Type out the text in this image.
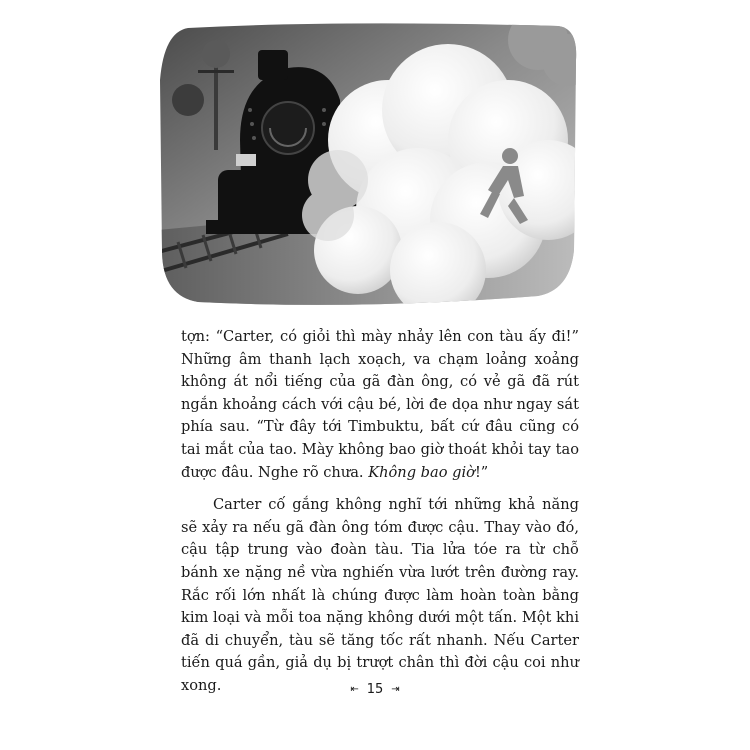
tợn: “Carter, có giỏi thì mày nhảy lên con tàu ấy đi!” Những âm thanh lạch xoạch, va chạm loảng xoảng không át nổi tiếng của gã đàn ông, có vẻ gã đã rút ngắn khoảng cách với cậu bé, lời đe dọa như ngay sát phía sau. “Từ đây tới Timbuktu, bất cứ đâu cũng có tai mắt của tao. Mày không bao giờ thoát khỏi tay tao được đâu. Nghe rõ chưa. Không bao giờ!”

Carter cố gắng không nghĩ tới những khả năng sẽ xảy ra nếu gã đàn ông tóm được cậu. Thay vào đó, cậu tập trung vào đoàn tàu. Tia lửa tóe ra từ chỗ bánh xe nặng nề vừa nghiến vừa lướt trên đường ray. Rắc rối lớn nhất là chúng được làm hoàn toàn bằng kim loại và mỗi toa nặng không dưới một tấn. Một khi đã di chuyển, tàu sẽ tăng tốc rất nhanh. Nếu Carter tiến quá gần, giả dụ bị trượt chân thì đời cậu coi như xong.	⇤ 15 ⇥
